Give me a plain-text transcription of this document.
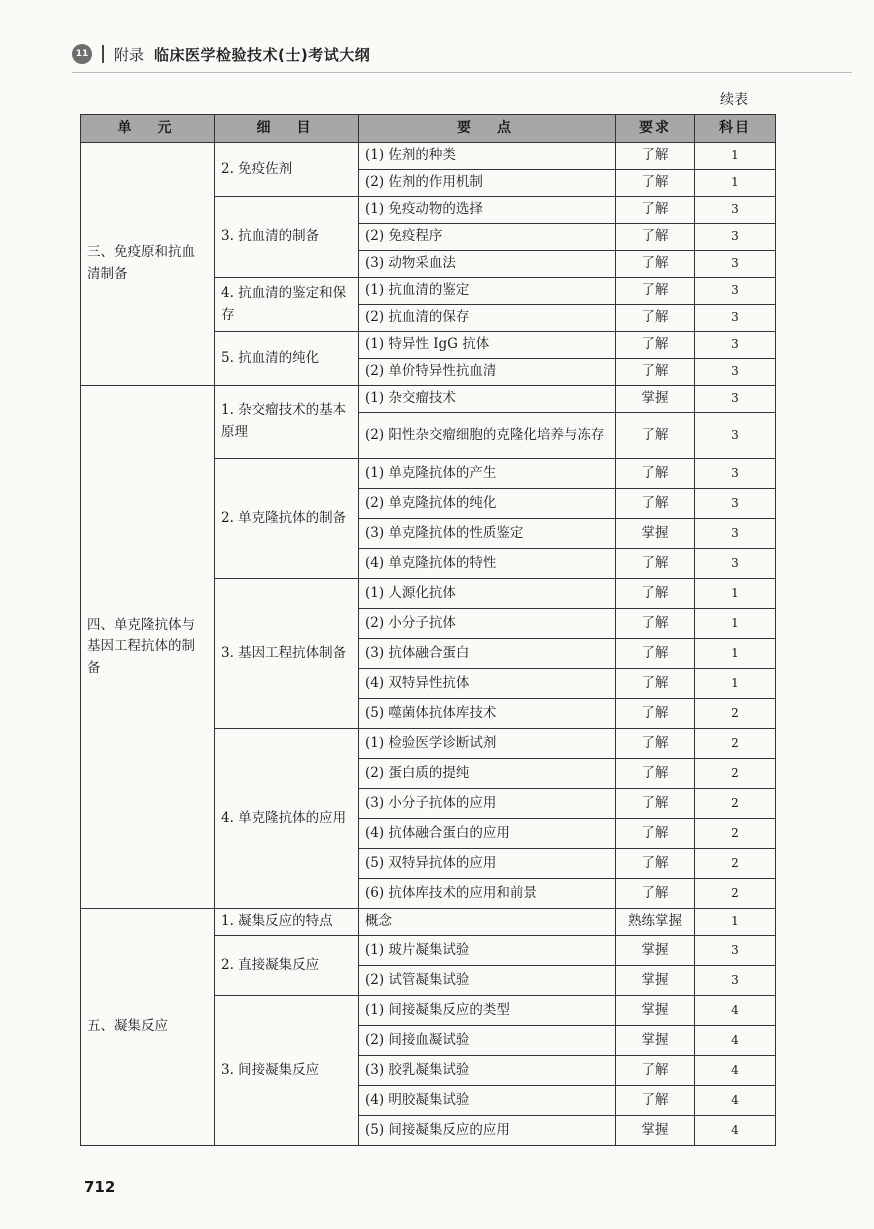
11 附录 临床医学检验技术(士)考试大纲
续表
单　元	细　目	要　点	要求	科目
三、免疫原和抗血清制备	2. 免疫佐剂	(1) 佐剂的种类	了解	1
		(2) 佐剂的作用机制	了解	1
	3. 抗血清的制备	(1) 免疫动物的选择	了解	3
		(2) 免疫程序	了解	3
		(3) 动物采血法	了解	3
	4. 抗血清的鉴定和保存	(1) 抗血清的鉴定	了解	3
		(2) 抗血清的保存	了解	3
	5. 抗血清的纯化	(1) 特异性 IgG 抗体	了解	3
		(2) 单价特异性抗血清	了解	3
四、单克隆抗体与基因工程抗体的制备	1. 杂交瘤技术的基本原理	(1) 杂交瘤技术	掌握	3
		(2) 阳性杂交瘤细胞的克隆化培养与冻存	了解	3
	2. 单克隆抗体的制备	(1) 单克隆抗体的产生	了解	3
		(2) 单克隆抗体的纯化	了解	3
		(3) 单克隆抗体的性质鉴定	掌握	3
		(4) 单克隆抗体的特性	了解	3
	3. 基因工程抗体制备	(1) 人源化抗体	了解	1
		(2) 小分子抗体	了解	1
		(3) 抗体融合蛋白	了解	1
		(4) 双特异性抗体	了解	1
		(5) 噬菌体抗体库技术	了解	2
	4. 单克隆抗体的应用	(1) 检验医学诊断试剂	了解	2
		(2) 蛋白质的提纯	了解	2
		(3) 小分子抗体的应用	了解	2
		(4) 抗体融合蛋白的应用	了解	2
		(5) 双特异抗体的应用	了解	2
		(6) 抗体库技术的应用和前景	了解	2
五、凝集反应	1. 凝集反应的特点	概念	熟练掌握	1
	2. 直接凝集反应	(1) 玻片凝集试验	掌握	3
		(2) 试管凝集试验	掌握	3
	3. 间接凝集反应	(1) 间接凝集反应的类型	掌握	4
		(2) 间接血凝试验	掌握	4
		(3) 胶乳凝集试验	了解	4
		(4) 明胶凝集试验	了解	4
		(5) 间接凝集反应的应用	掌握	4
712
